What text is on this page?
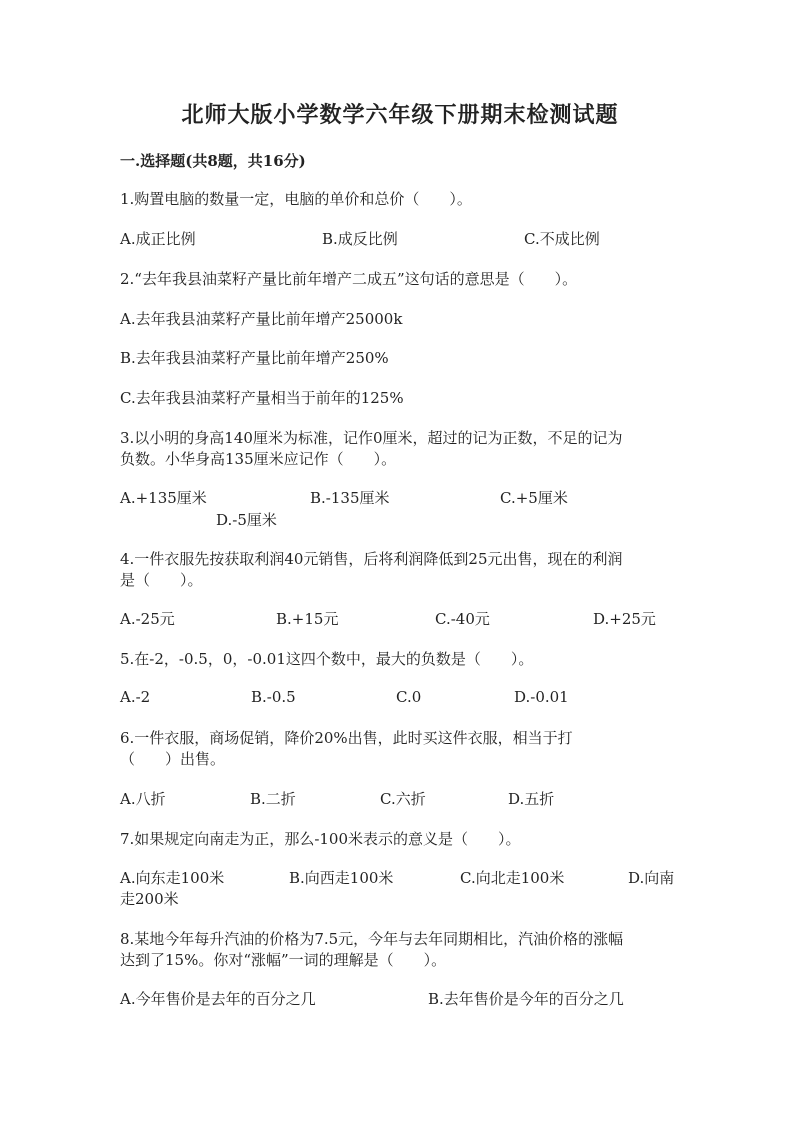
北师大版小学数学六年级下册期末检测试题
一.选择题(共8题，共16分)
1.购置电脑的数量一定，电脑的单价和总价（　　）。
A.成正比例	B.成反比例	C.不成比例
2.“去年我县油菜籽产量比前年增产二成五”这句话的意思是（　　）。
A.去年我县油菜籽产量比前年增产25000k
B.去年我县油菜籽产量比前年增产250%
C.去年我县油菜籽产量相当于前年的125%
3.以小明的身高140厘米为标准，记作0厘米，超过的记为正数，不足的记为
负数。小华身高135厘米应记作（　　）。
A.+135厘米	B.-135厘米	C.+5厘米
D.-5厘米
4.一件衣服先按获取利润40元销售，后将利润降低到25元出售，现在的利润
是（　　）。
A.-25元	B.+15元	C.-40元	D.+25元
5.在-2，-0.5，0，-0.01这四个数中，最大的负数是（　　）。
A.-2	B.-0.5	C.0	D.-0.01
6.一件衣服，商场促销，降价20%出售，此时买这件衣服，相当于打
（　　）出售。
A.八折	B.二折	C.六折	D.五折
7.如果规定向南走为正，那么-100米表示的意义是（　　）。
A.向东走100米	B.向西走100米	C.向北走100米	D.向南
走200米
8.某地今年每升汽油的价格为7.5元，今年与去年同期相比，汽油价格的涨幅
达到了15%。你对“涨幅”一词的理解是（　　）。
A.今年售价是去年的百分之几	B.去年售价是今年的百分之几
